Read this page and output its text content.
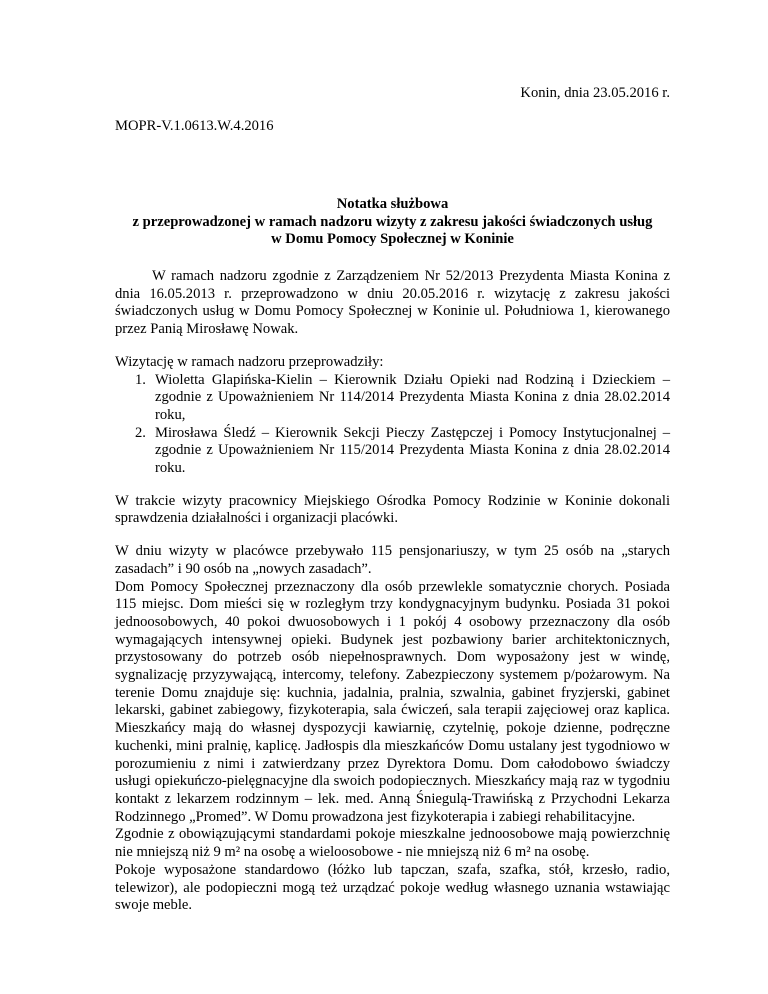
Konin, dnia 23.05.2016 r.
MOPR-V.1.0613.W.4.2016
Notatka służbowa
z przeprowadzonej w ramach nadzoru wizyty z zakresu jakości świadczonych usług
w Domu Pomocy Społecznej w Koninie

W ramach nadzoru zgodnie z Zarządzeniem Nr 52/2013 Prezydenta Miasta Konina z dnia 16.05.2013 r. przeprowadzono w dniu 20.05.2016 r. wizytację z zakresu jakości świadczonych usług w Domu Pomocy Społecznej w Koninie ul. Południowa 1, kierowanego przez Panią Mirosławę Nowak.

Wizytację w ramach nadzoru przeprowadziły:

1. Wioletta Glapińska-Kielin – Kierownik Działu Opieki nad Rodziną i Dzieckiem – zgodnie z Upoważnieniem Nr 114/2014 Prezydenta Miasta Konina z dnia 28.02.2014 roku,
2. Mirosława Śledź – Kierownik Sekcji Pieczy Zastępczej i Pomocy Instytucjonalnej – zgodnie z Upoważnieniem Nr 115/2014 Prezydenta Miasta Konina z dnia 28.02.2014 roku.

W trakcie wizyty pracownicy Miejskiego Ośrodka Pomocy Rodzinie w Koninie dokonali sprawdzenia działalności i organizacji placówki.

W dniu wizyty w placówce przebywało 115 pensjonariuszy, w tym 25 osób na „starych zasadach” i 90 osób na „nowych zasadach”.

Dom Pomocy Społecznej przeznaczony dla osób przewlekle somatycznie chorych. Posiada 115 miejsc. Dom mieści się w rozległym trzy kondygnacyjnym budynku. Posiada 31 pokoi jednoosobowych, 40 pokoi dwuosobowych i 1 pokój 4 osobowy przeznaczony dla osób wymagających intensywnej opieki. Budynek jest pozbawiony barier architektonicznych, przystosowany do potrzeb osób niepełnosprawnych. Dom wyposażony jest w windę, sygnalizację przyzywającą, intercomy, telefony. Zabezpieczony systemem p/pożarowym. Na terenie Domu znajduje się: kuchnia, jadalnia, pralnia, szwalnia, gabinet fryzjerski, gabinet lekarski, gabinet zabiegowy, fizykoterapia, sala ćwiczeń, sala terapii zajęciowej oraz kaplica. Mieszkańcy mają do własnej dyspozycji kawiarnię, czytelnię, pokoje dzienne, podręczne kuchenki, mini pralnię, kaplicę. Jadłospis dla mieszkańców Domu ustalany jest tygodniowo w porozumieniu z nimi i zatwierdzany przez Dyrektora Domu. Dom całodobowo świadczy usługi opiekuńczo-pielęgnacyjne dla swoich podopiecznych. Mieszkańcy mają raz w tygodniu kontakt z lekarzem rodzinnym – lek. med. Anną Śniegulą-Trawińską z Przychodni Lekarza Rodzinnego „Promed”. W Domu prowadzona jest fizykoterapia i zabiegi rehabilitacyjne.

Zgodnie z obowiązującymi standardami pokoje mieszkalne jednoosobowe mają powierzchnię nie mniejszą niż 9 m² na osobę a wieloosobowe - nie mniejszą niż 6 m² na osobę.

Pokoje wyposażone standardowo (łóżko lub tapczan, szafa, szafka, stół, krzesło, radio, telewizor), ale podopieczni mogą też urządzać pokoje według własnego uznania wstawiając swoje meble.
